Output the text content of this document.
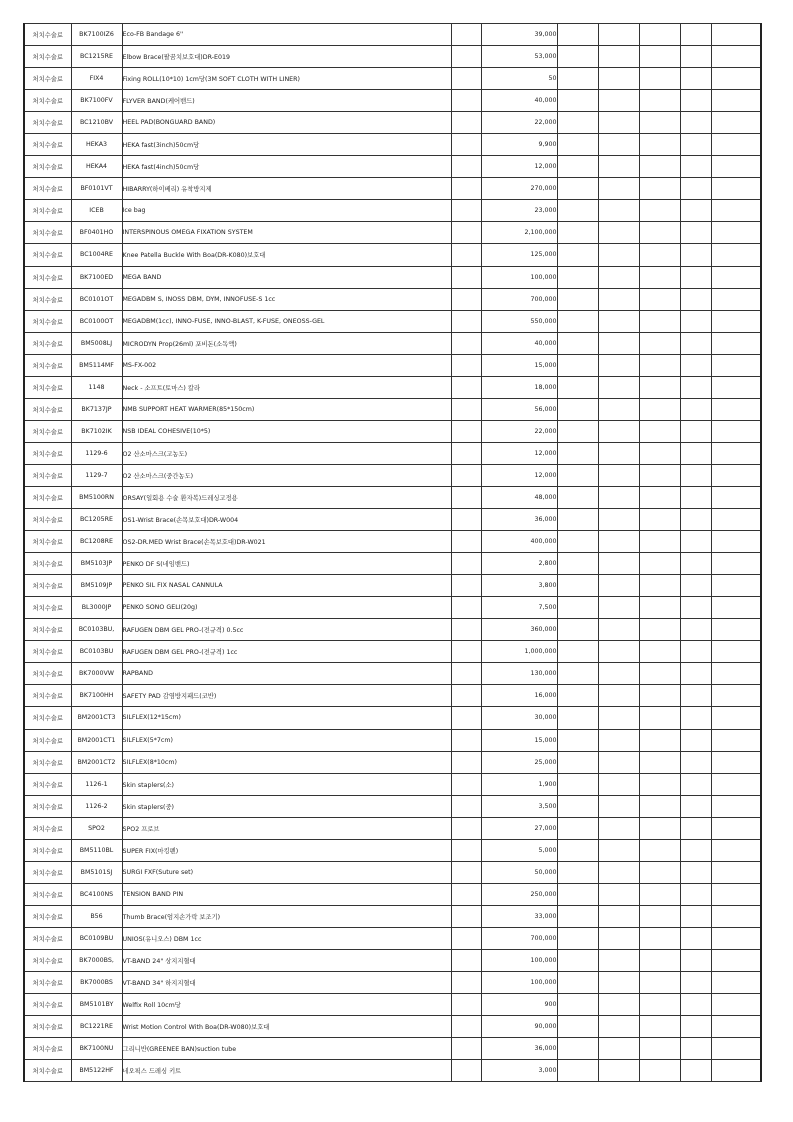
처치수술료	BK7100IZ6	Eco-FB Bandage 6''		39,000					
처치수술료	BC1215RE	Elbow Brace(팔꿈치보호대)DR-E019		53,000					
처치수술료	FIX4	Fixing ROLL(10*10) 1cm당(3M SOFT CLOTH WITH LINER)		50					
처치수술료	BK7100FV	FLYVER BAND(케어밴드)		40,000					
처치수술료	BC1210BV	HEEL PAD(BONGUARD BAND)		22,000					
처치수술료	HEKA3	HEKA fast(3inch)50cm당		9,900					
처치수술료	HEKA4	HEKA fast(4inch)50cm당		12,000					
처치수술료	BF0101VT	HIBARRY(하이베리) 유착방지제		270,000					
처치수술료	ICEB	Ice bag		23,000					
처치수술료	BF0401HO	INTERSPINOUS OMEGA FIXATION SYSTEM		2,100,000					
처치수술료	BC1004RE	Knee Patella Buckle With Boa(DR-K080)보호대		125,000					
처치수술료	BK7100ED	MEGA BAND		100,000					
처치수술료	BC0101OT	MEGADBM S, INOSS DBM, DYM, INNOFUSE-S 1cc		700,000					
처치수술료	BC0100OT	MEGADBM(1cc), INNO-FUSE, INNO-BLAST, K-FUSE, ONEOSS-GEL		550,000					
처치수술료	BM5008LJ	MICRODYN Prop(26ml) 포비돈(소독액)		40,000					
처치수술료	BM5114MF	MS-FX-002		15,000					
처치수술료	1148	Neck - 소프트(토마스) 칼라		18,000					
처치수술료	BK7137JP	NMB SUPPORT HEAT WARMER(85*150cm)		56,000					
처치수술료	BK7102IK	NSB IDEAL COHESIVE(10*5)		22,000					
처치수술료	1129-6	O2 산소마스크(고농도)		12,000					
처치수술료	1129-7	O2 산소마스크(중간농도)		12,000					
처치수술료	BM5100RN	ORSAY(일회용 수술 환자복)드레싱고정용		48,000					
처치수술료	BC1205RE	OS1-Wrist Brace(손목보호대)DR-W004		36,000					
처치수술료	BC1208RE	OS2-DR.MED Wrist Brace(손목보호대)DR-W021		400,000					
처치수술료	BM5103JP	PENKO DF S(네임밴드)		2,800					
처치수술료	BM5109JP	PENKO SIL FIX NASAL CANNULA		3,800					
처치수술료	BL3000JP	PENKO SONO GELI(20g)		7,500					
처치수술료	BC0103BU,	RAFUGEN DBM GEL PRO-(전규격) 0.5cc		360,000					
처치수술료	BC0103BU	RAFUGEN DBM GEL PRO-(전규격) 1cc		1,000,000					
처치수술료	BK7000VW	RAPBAND		130,000					
처치수술료	BK7100HH	SAFETY PAD 감염방지패드(코반)		16,000					
처치수술료	BM2001CT3	SILFLEX(12*15cm)		30,000					
처치수술료	BM2001CT1	SILFLEX(5*7cm)		15,000					
처치수술료	BM2001CT2	SILFLEX(8*10cm)		25,000					
처치수술료	1126-1	Skin staplers(소)		1,900					
처치수술료	1126-2	Skin staplers(중)		3,500					
처치수술료	SPO2	SPO2 프로브		27,000					
처치수술료	BM5110BL	SUPER FIX(마킹펜)		5,000					
처치수술료	BM5101SJ	SURGI FXF(Suture set)		50,000					
처치수술료	BC4100NS	TENSION BAND PIN		250,000					
처치수술료	B56	Thumb Brace(엄지손가락 보조기)		33,000					
처치수술료	BC0109BU	UNIOS(유니오스) DBM 1cc		700,000					
처치수술료	BK7000BS,	VT-BAND 24" 상지지혈대		100,000					
처치수술료	BK7000BS	VT-BAND 34" 하지지혈대		100,000					
처치수술료	BM5101BY	Welfix Roll 10cm당		900					
처치수술료	BC1221RE	Wrist Motion Control With Boa(DR-W080)보호대		90,000					
처치수술료	BK7100NU	그리니반(GREENEE BAN)suction tube		36,000					
처치수술료	BM5122HF	네오픽스 드레싱 키트		3,000					
